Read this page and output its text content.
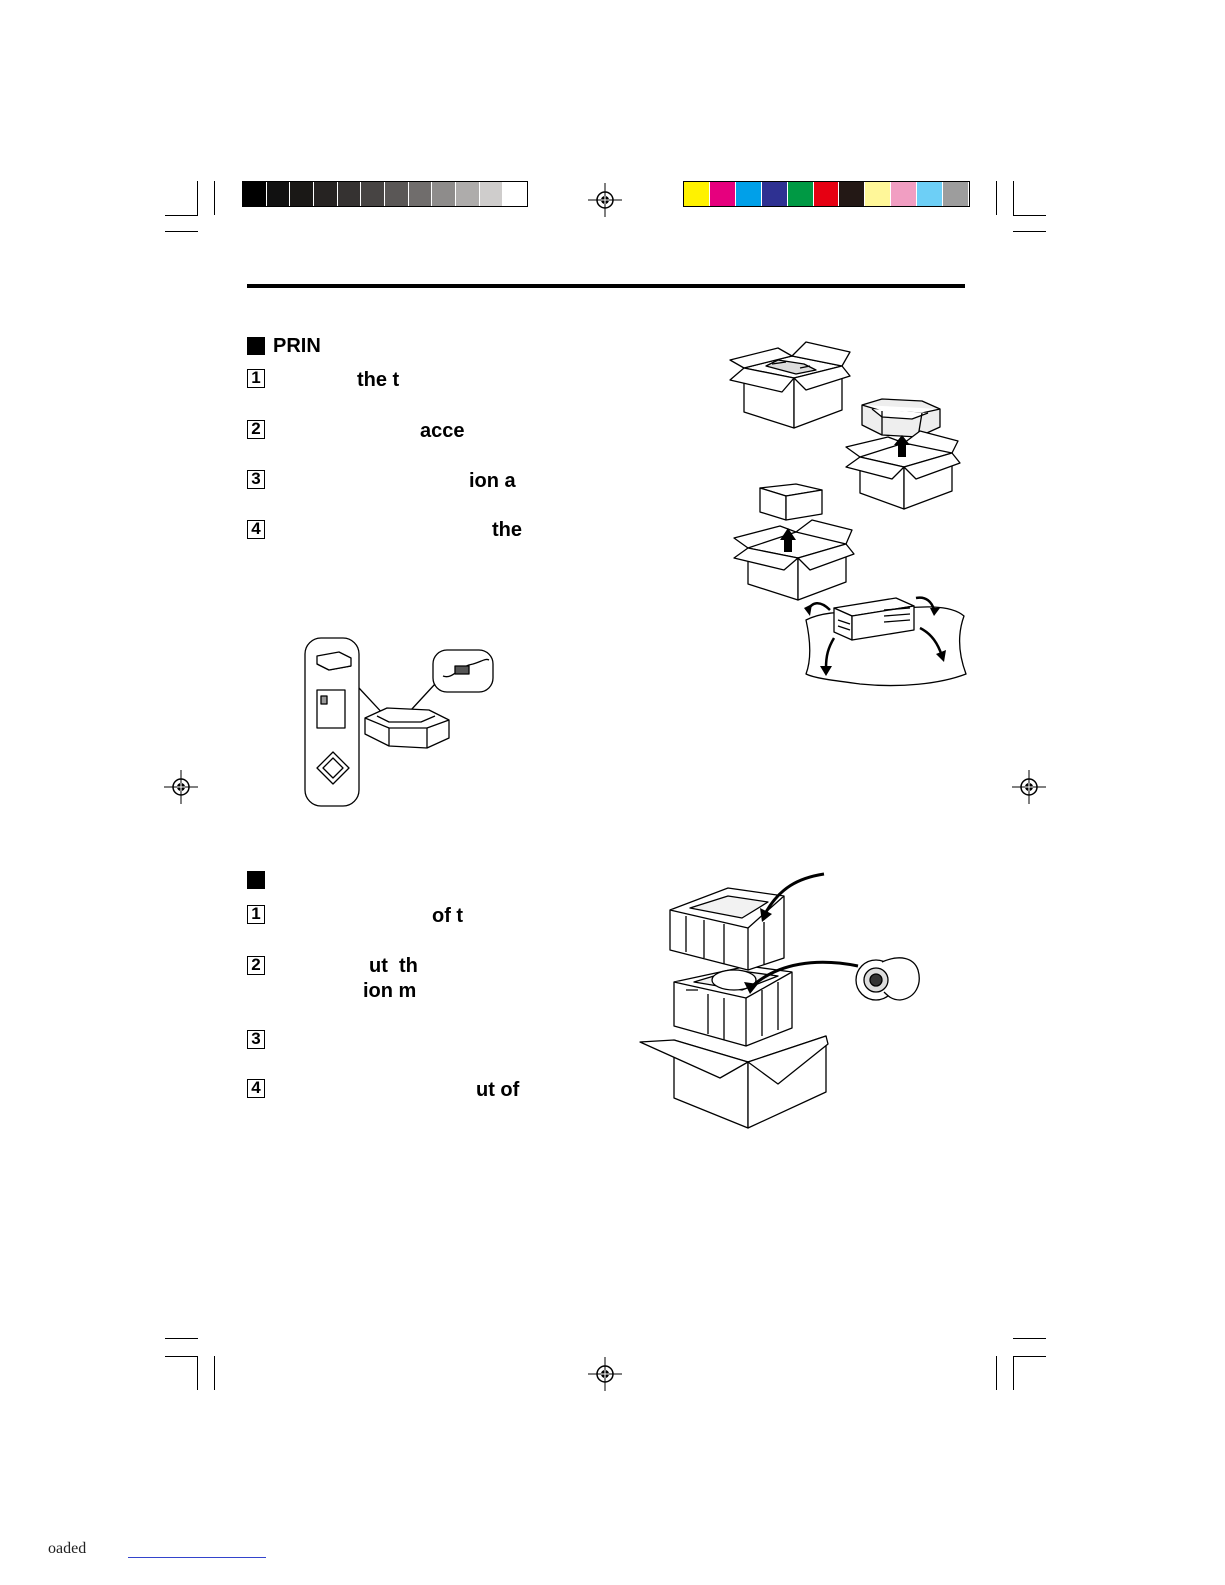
PRIN
1	the t
2	acce
3	ion a
4	the
1	of t
2	ut  th
ion m
3
4	ut of
oaded
